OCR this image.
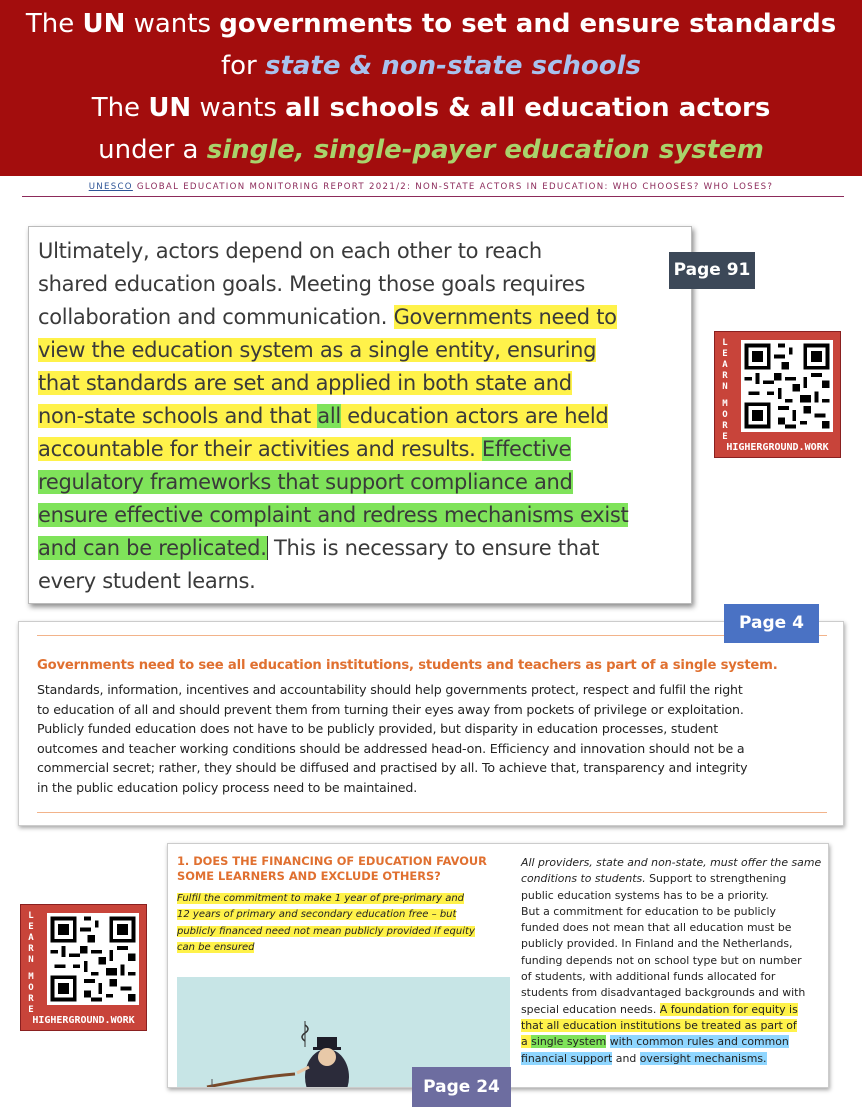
The UN wants governments to set and ensure standards
for state & non-state schools
The UN wants all schools & all education actors
under a single, single-payer education system
UNESCO GLOBAL EDUCATION MONITORING REPORT 2021/2: NON-STATE ACTORS IN EDUCATION: WHO CHOOSES? WHO LOSES?
Ultimately, actors depend on each other to reach
shared education goals. Meeting those goals requires
collaboration and communication. Governments need to
view the education system as a single entity, ensuring
that standards are set and applied in both state and
non-state schools and that all education actors are held
accountable for their activities and results. Effective
regulatory frameworks that support compliance and
ensure effective complaint and redress mechanisms exist
and can be replicated. This is necessary to ensure that
every student learns.
Page 91
L
E
A
R
N
M
O
R
E
HIGHERGROUND.WORK
Governments need to see all education institutions, students and teachers as part of a single system.
Standards, information, incentives and accountability should help governments protect, respect and fulfil the right
to education of all and should prevent them from turning their eyes away from pockets of privilege or exploitation.
Publicly funded education does not have to be publicly provided, but disparity in education processes, student
outcomes and teacher working conditions should be addressed head-on. Efficiency and innovation should not be a
commercial secret; rather, they should be diffused and practised by all. To achieve that, transparency and integrity
in the public education policy process need to be maintained.
Page 4
L
E
A
R
N
M
O
R
E
HIGHERGROUND.WORK
1. DOES THE FINANCING OF EDUCATION FAVOUR SOME LEARNERS AND EXCLUDE OTHERS?
Fulfil the commitment to make 1 year of pre-primary and
12 years of primary and secondary education free – but
publicly financed need not mean publicly provided if equity
can be ensured
All providers, state and non-state, must offer the same
conditions to students. Support to strengthening
public education systems has to be a priority.
But a commitment for education to be publicly
funded does not mean that all education must be
publicly provided. In Finland and the Netherlands,
funding depends not on school type but on number
of students, with additional funds allocated for
students from disadvantaged backgrounds and with
special education needs. A foundation for equity is
that all education institutions be treated as part of
a single system with common rules and common
financial support and oversight mechanisms.
Page 24
